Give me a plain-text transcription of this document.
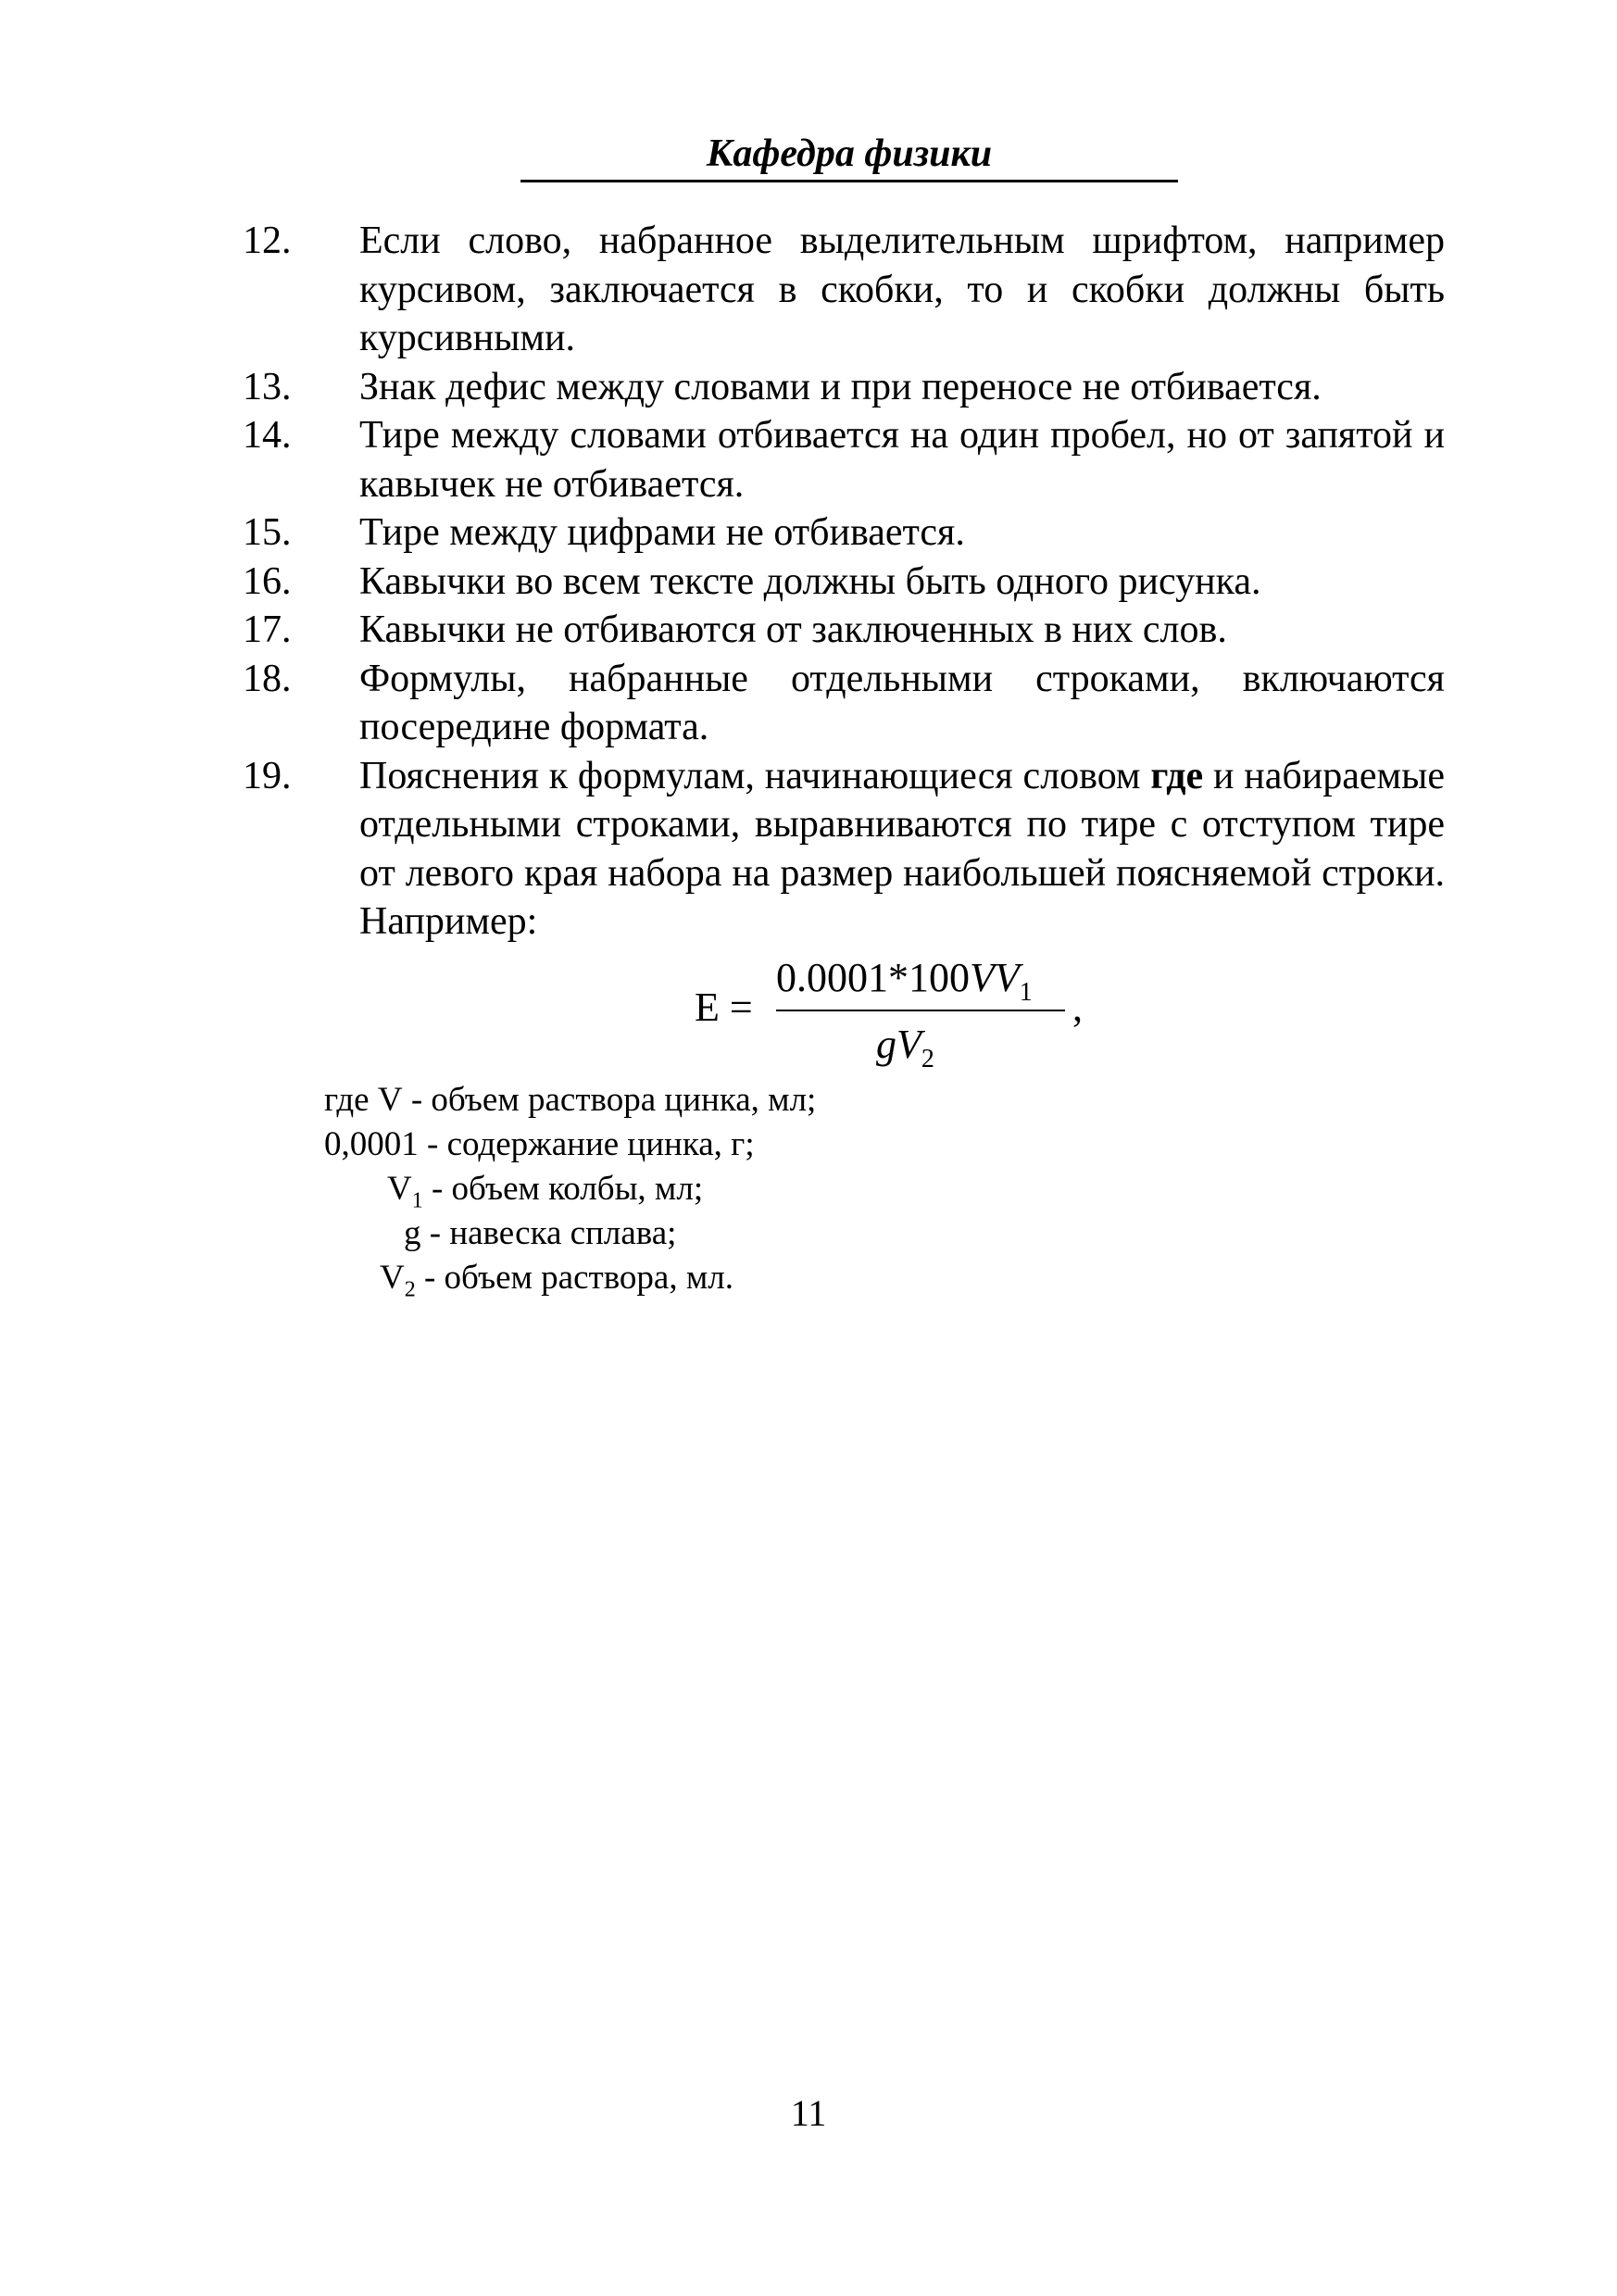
Кафедра физики
12.	Если слово, набранное выделительным шрифтом, например курсивом, заключается в скобки, то и скобки должны быть курсивными.
13.	Знак дефис между словами и при переносе не отбивается.
14.	Тире между словами отбивается на один пробел, но от запятой и кавычек не отбивается.
15.	Тире между цифрами не отбивается.
16.	Кавычки во всем тексте должны быть одного рисунка.
17.	Кавычки не отбиваются от заключенных в них слов.
18.	Формулы, набранные отдельными строками, включаются посередине формата.
19.	Пояснения к формулам, начинающиеся словом где и набираемые отдельными строками, выравниваются по тире с отступом тире от левого края набора на размер наибольшей поясняемой строки. Например:
E =
$0.0001*100VV_1$
$gV_2$
,
где V - объем раствора цинка, мл;
0,0001 - содержание цинка, г;
$V_1$ - объем колбы, мл;
g - навеска сплава;
$V_2$ - объем раствора, мл.
11
